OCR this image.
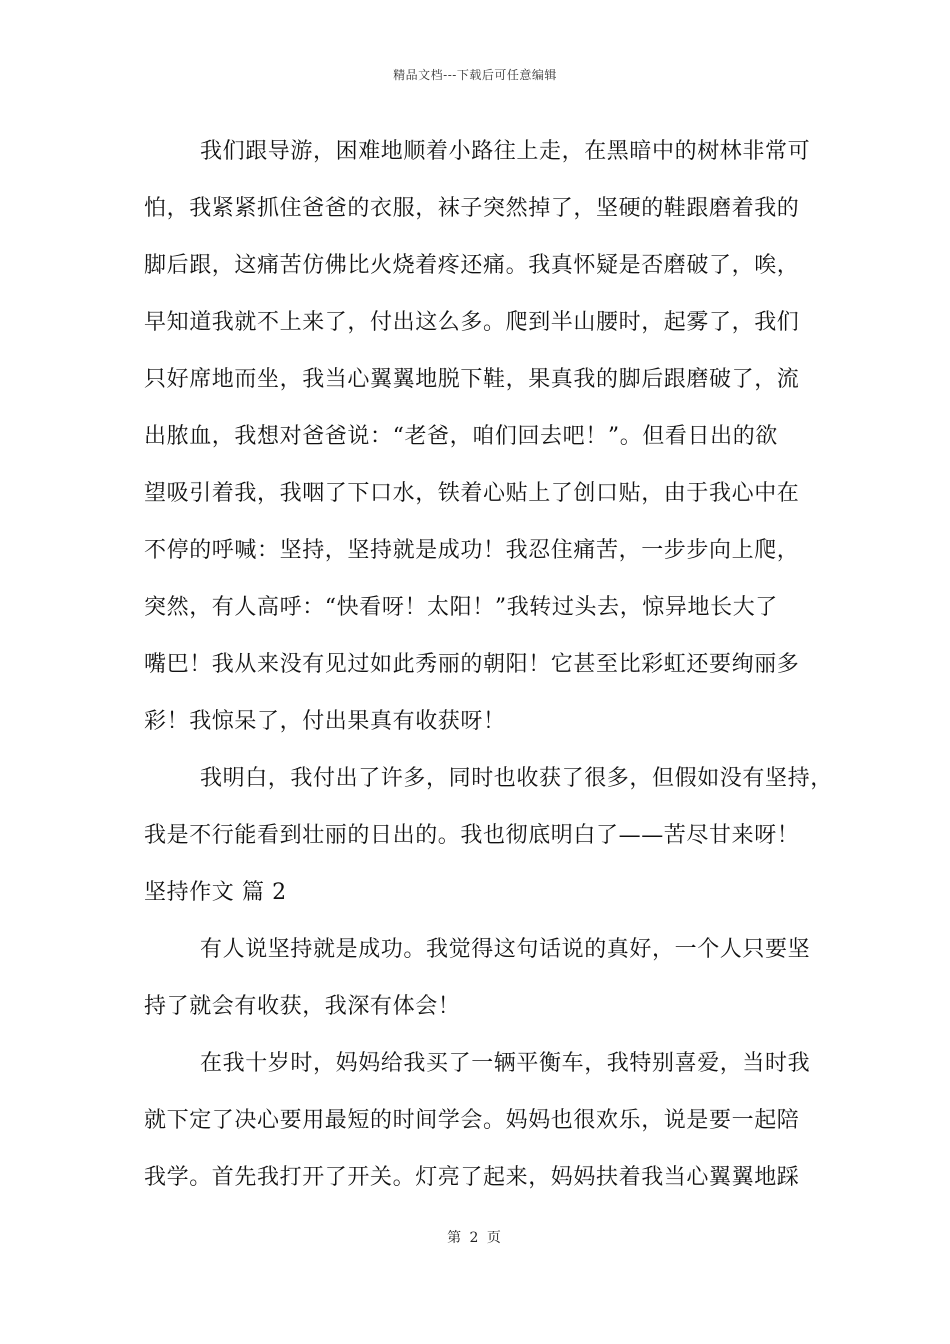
精品文档---下载后可任意编辑
我们跟导游，困难地顺着小路往上走，在黑暗中的树林非常可
怕，我紧紧抓住爸爸的衣服，袜子突然掉了，坚硬的鞋跟磨着我的
脚后跟，这痛苦仿佛比火烧着疼还痛。我真怀疑是否磨破了，唉，
早知道我就不上来了，付出这么多。爬到半山腰时，起雾了，我们
只好席地而坐，我当心翼翼地脱下鞋，果真我的脚后跟磨破了，流
出脓血，我想对爸爸说：“老爸，咱们回去吧！”。但看日出的欲
望吸引着我，我咽了下口水，铁着心贴上了创口贴，由于我心中在
不停的呼喊：坚持，坚持就是成功！我忍住痛苦，一步步向上爬，
突然，有人高呼：“快看呀！太阳！”我转过头去，惊异地长大了
嘴巴！我从来没有见过如此秀丽的朝阳！它甚至比彩虹还要绚丽多
彩！我惊呆了，付出果真有收获呀！
我明白，我付出了许多，同时也收获了很多，但假如没有坚持，
我是不行能看到壮丽的日出的。我也彻底明白了——苦尽甘来呀！
坚持作文 篇 2
有人说坚持就是成功。我觉得这句话说的真好，一个人只要坚
持了就会有收获，我深有体会！
在我十岁时，妈妈给我买了一辆平衡车，我特别喜爱，当时我
就下定了决心要用最短的时间学会。妈妈也很欢乐，说是要一起陪
我学。首先我打开了开关。灯亮了起来，妈妈扶着我当心翼翼地踩
第 2 页
